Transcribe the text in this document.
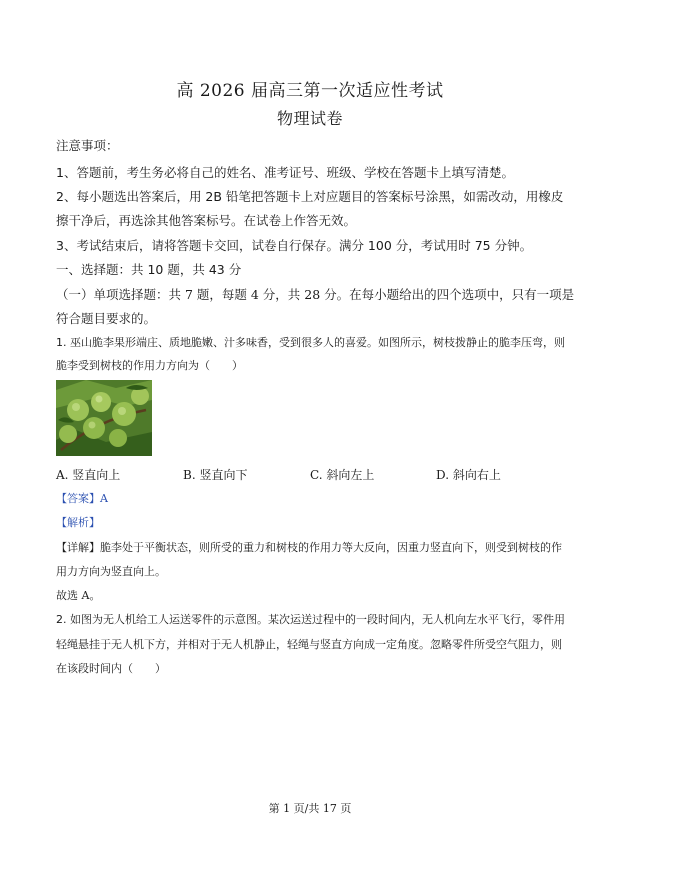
高 2026 届高三第一次适应性考试
物理试卷
注意事项：
1、答题前，考生务必将自己的姓名、准考证号、班级、学校在答题卡上填写清楚。
2、每小题选出答案后，用 2B 铅笔把答题卡上对应题目的答案标号涂黑，如需改动，用橡皮
擦干净后，再选涂其他答案标号。在试卷上作答无效。
3、考试结束后，请将答题卡交回，试卷自行保存。满分 100 分，考试用时 75 分钟。
一、选择题：共 10 题，共 43 分
（一）单项选择题：共 7 题，每题 4 分，共 28 分。在每小题给出的四个选项中，只有一项是
符合题目要求的。
1. 巫山脆李果形端庄、质地脆嫩、汁多味香，受到很多人的喜爱。如图所示，树枝拨静止的脆李压弯，则
脆李受到树枝的作用力方向为（　　）
A. 竖直向上	B. 竖直向下	C. 斜向左上	D. 斜向右上
【答案】A
【解析】
【详解】脆李处于平衡状态，则所受的重力和树枝的作用力等大反向，因重力竖直向下，则受到树枝的作
用力方向为竖直向上。
故选 A。
2. 如图为无人机给工人运送零件的示意图。某次运送过程中的一段时间内，无人机向左水平飞行，零件用
轻绳悬挂于无人机下方，并相对于无人机静止，轻绳与竖直方向成一定角度。忽略零件所受空气阻力，则
在该段时间内（　　）
第 1 页/共 17 页
